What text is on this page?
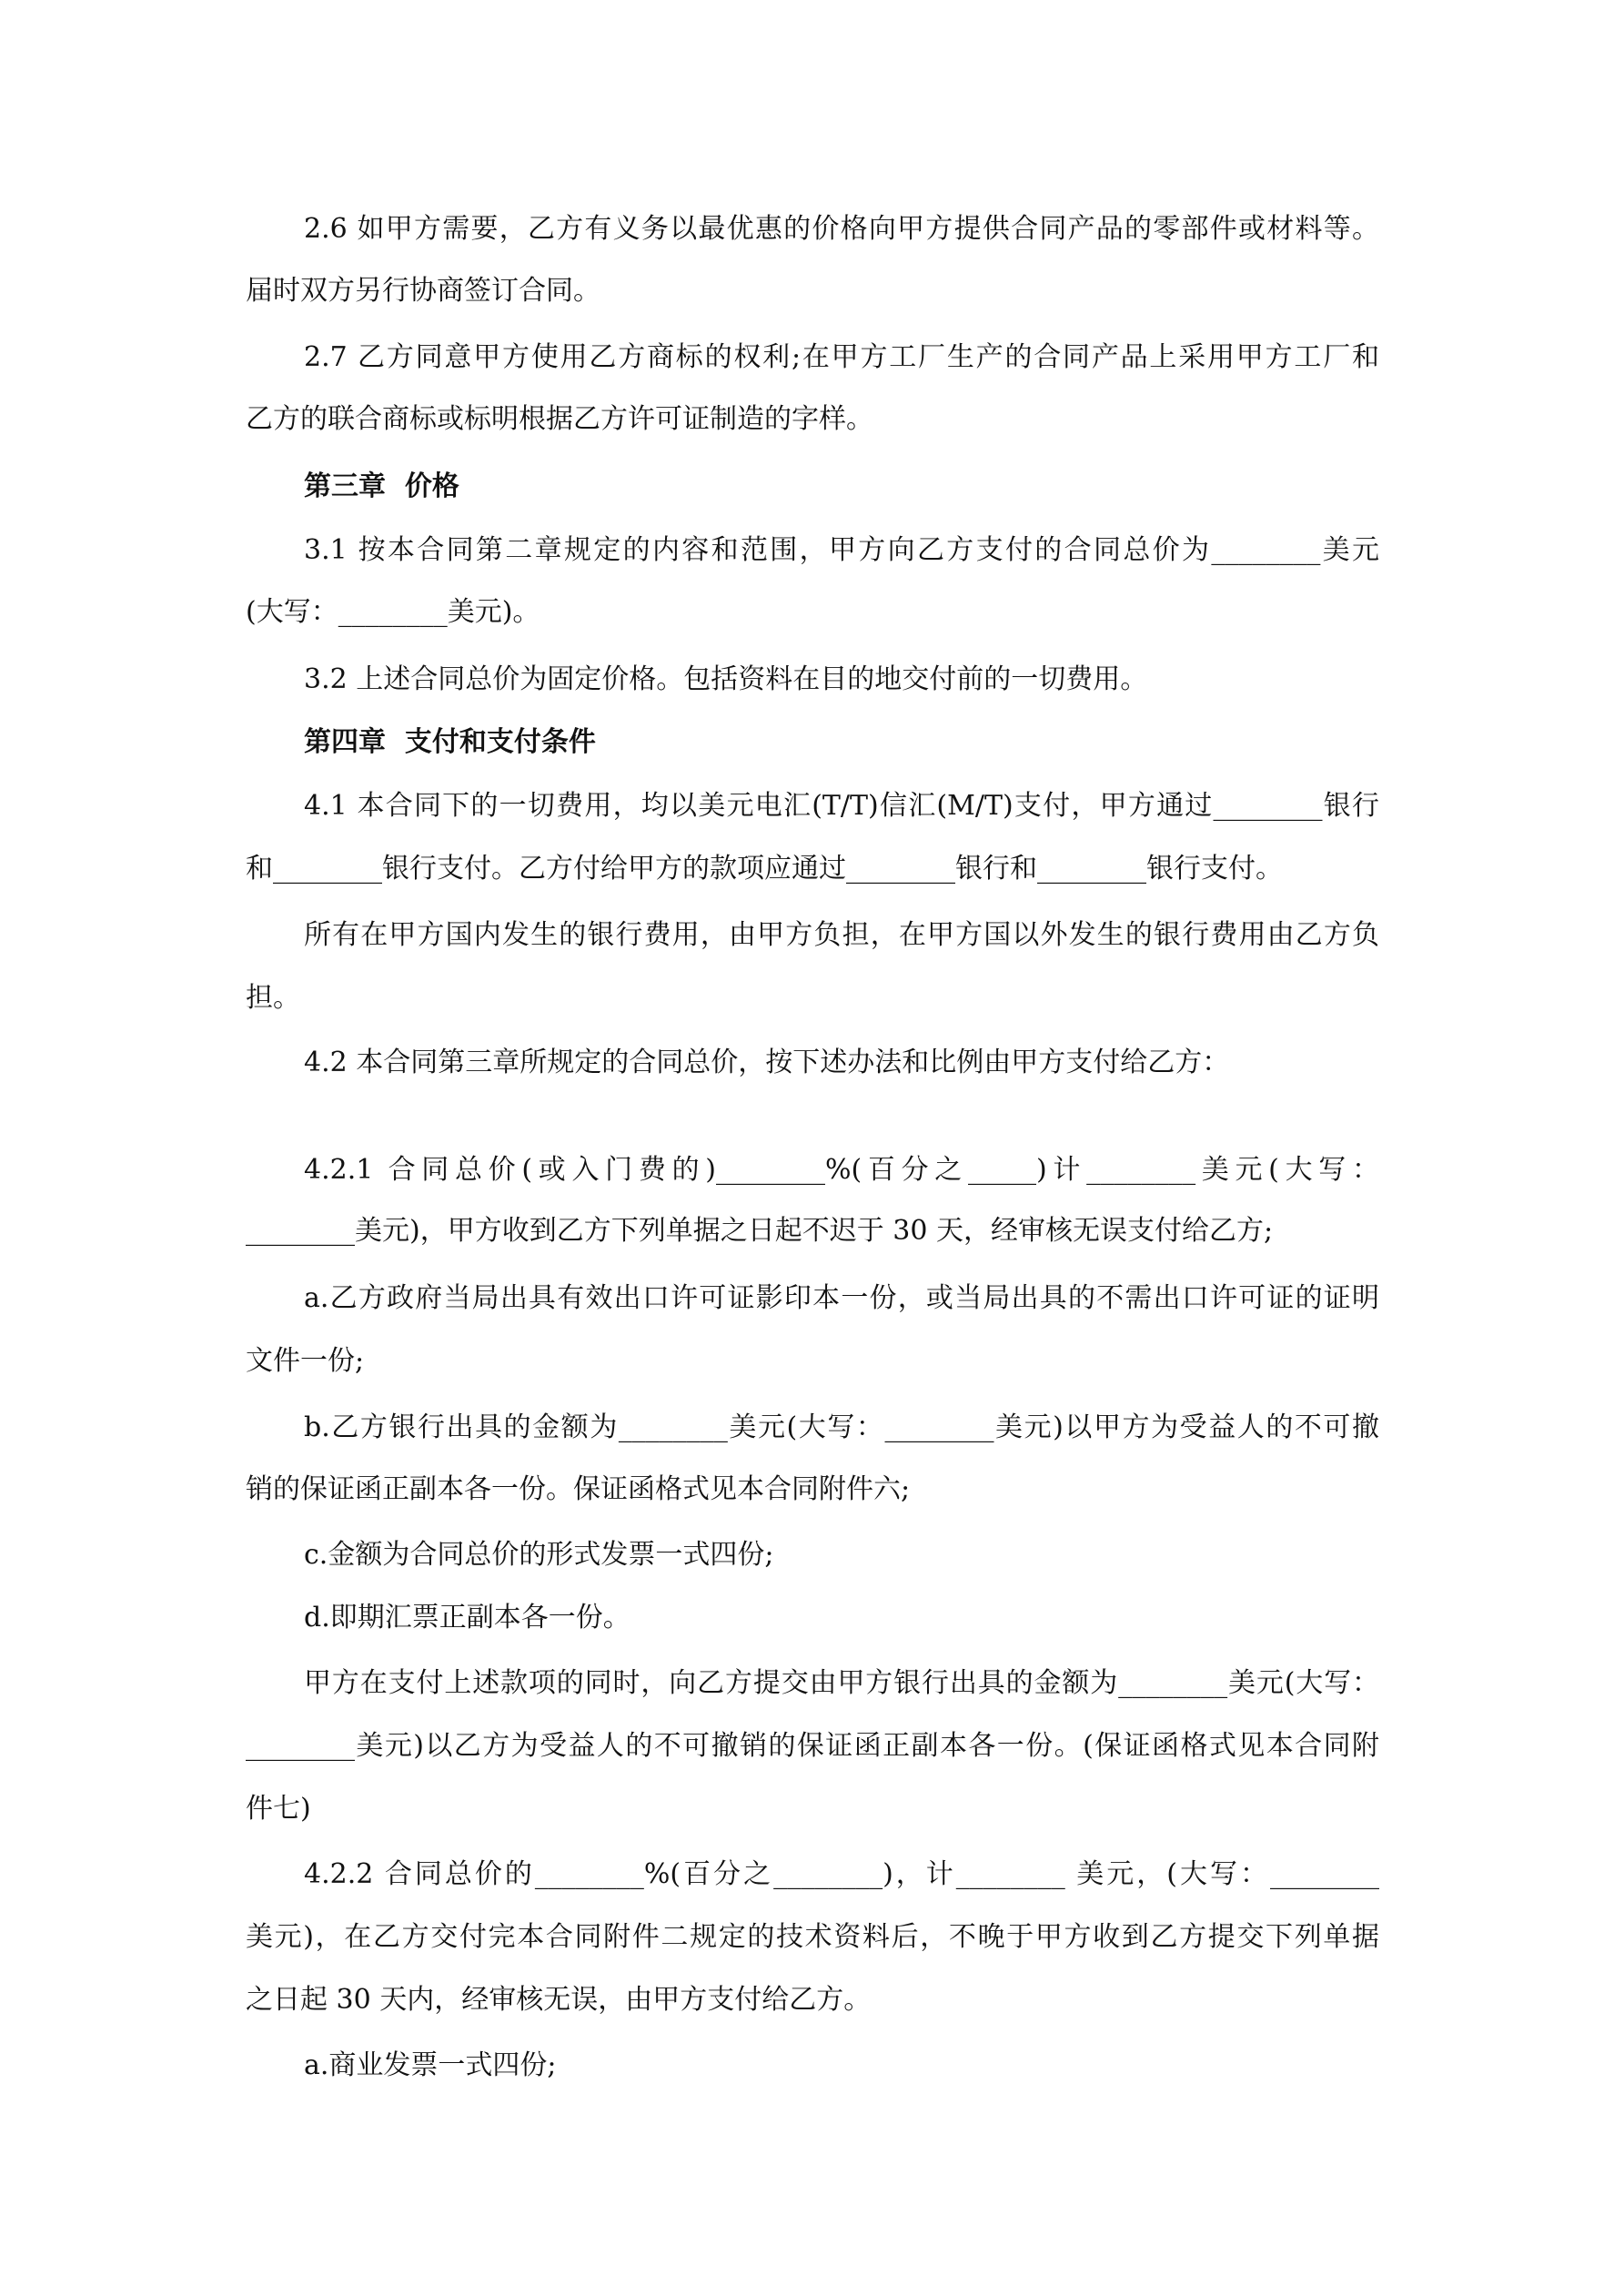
2.6 如甲方需要，乙方有义务以最优惠的价格向甲方提供合同产品的零部件或材料等。
届时双方另行协商签订合同。
2.7 乙方同意甲方使用乙方商标的权利;在甲方工厂生产的合同产品上采用甲方工厂和
乙方的联合商标或标明根据乙方许可证制造的字样。
第三章  价格
3.1 按本合同第二章规定的内容和范围，甲方向乙方支付的合同总价为________美元
(大写：________美元)。
3.2 上述合同总价为固定价格。包括资料在目的地交付前的一切费用。
第四章  支付和支付条件
4.1 本合同下的一切费用，均以美元电汇(T/T)信汇(M/T)支付，甲方通过________银行
和________银行支付。乙方付给甲方的款项应通过________银行和________银行支付。
所有在甲方国内发生的银行费用，由甲方负担，在甲方国以外发生的银行费用由乙方负
担。
4.2 本合同第三章所规定的合同总价，按下述办法和比例由甲方支付给乙方：
4.2.1 合同总价(或入门费的)________%(百分之_____)计________美元(大写：
________美元)，甲方收到乙方下列单据之日起不迟于 30 天，经审核无误支付给乙方;
a.乙方政府当局出具有效出口许可证影印本一份，或当局出具的不需出口许可证的证明
文件一份;
b.乙方银行出具的金额为________美元(大写：________美元)以甲方为受益人的不可撤
销的保证函正副本各一份。保证函格式见本合同附件六;
c.金额为合同总价的形式发票一式四份;
d.即期汇票正副本各一份。
甲方在支付上述款项的同时，向乙方提交由甲方银行出具的金额为________美元(大写：
________美元)以乙方为受益人的不可撤销的保证函正副本各一份。(保证函格式见本合同附
件七)
4.2.2 合同总价的________%(百分之________)，计________ 美元，(大写：________
美元)，在乙方交付完本合同附件二规定的技术资料后，不晚于甲方收到乙方提交下列单据
之日起 30 天内，经审核无误，由甲方支付给乙方。
a.商业发票一式四份;
